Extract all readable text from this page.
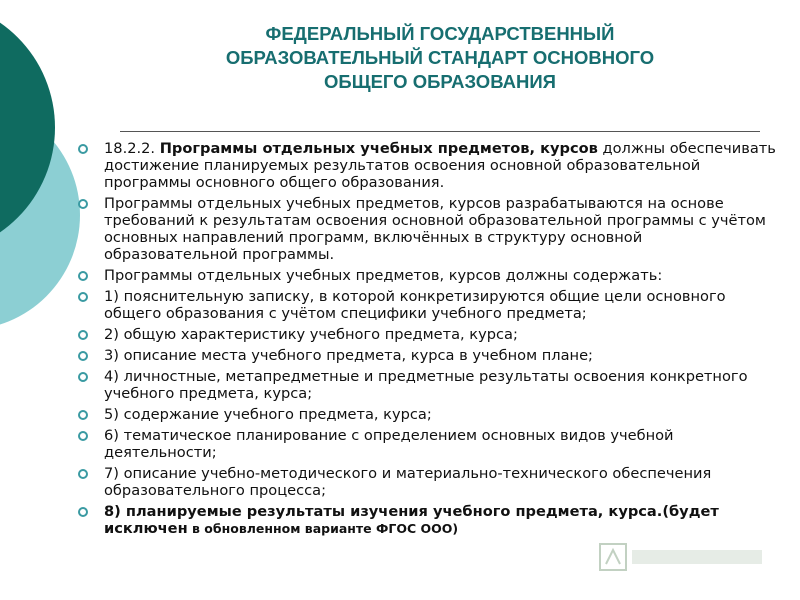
ФЕДЕРАЛЬНЫЙ ГОСУДАРСТВЕННЫЙ
ОБРАЗОВАТЕЛЬНЫЙ СТАНДАРТ ОСНОВНОГО
ОБЩЕГО ОБРАЗОВАНИЯ
18.2.2. Программы отдельных учебных предметов, курсов должны обеспечивать достижение планируемых результатов освоения основной образовательной программы основного общего образования.
Программы отдельных учебных предметов, курсов разрабатываются на основе требований к результатам освоения основной образовательной программы с учётом основных направлений программ, включённых в структуру основной образовательной программы.
Программы отдельных учебных предметов, курсов должны содержать:
1) пояснительную записку, в которой конкретизируются общие цели основного общего образования с учётом специфики учебного предмета;
2) общую характеристику учебного предмета, курса;
3) описание места учебного предмета, курса в учебном плане;
4) личностные, метапредметные и предметные результаты освоения конкретного учебного предмета, курса;
5) содержание учебного предмета, курса;
6) тематическое планирование с определением основных видов учебной деятельности;
7) описание учебно-методического и материально-технического обеспечения образовательного процесса;
8) планируемые результаты изучения учебного предмета, курса.(будет исключен в обновленном варианте ФГОС ООО)
